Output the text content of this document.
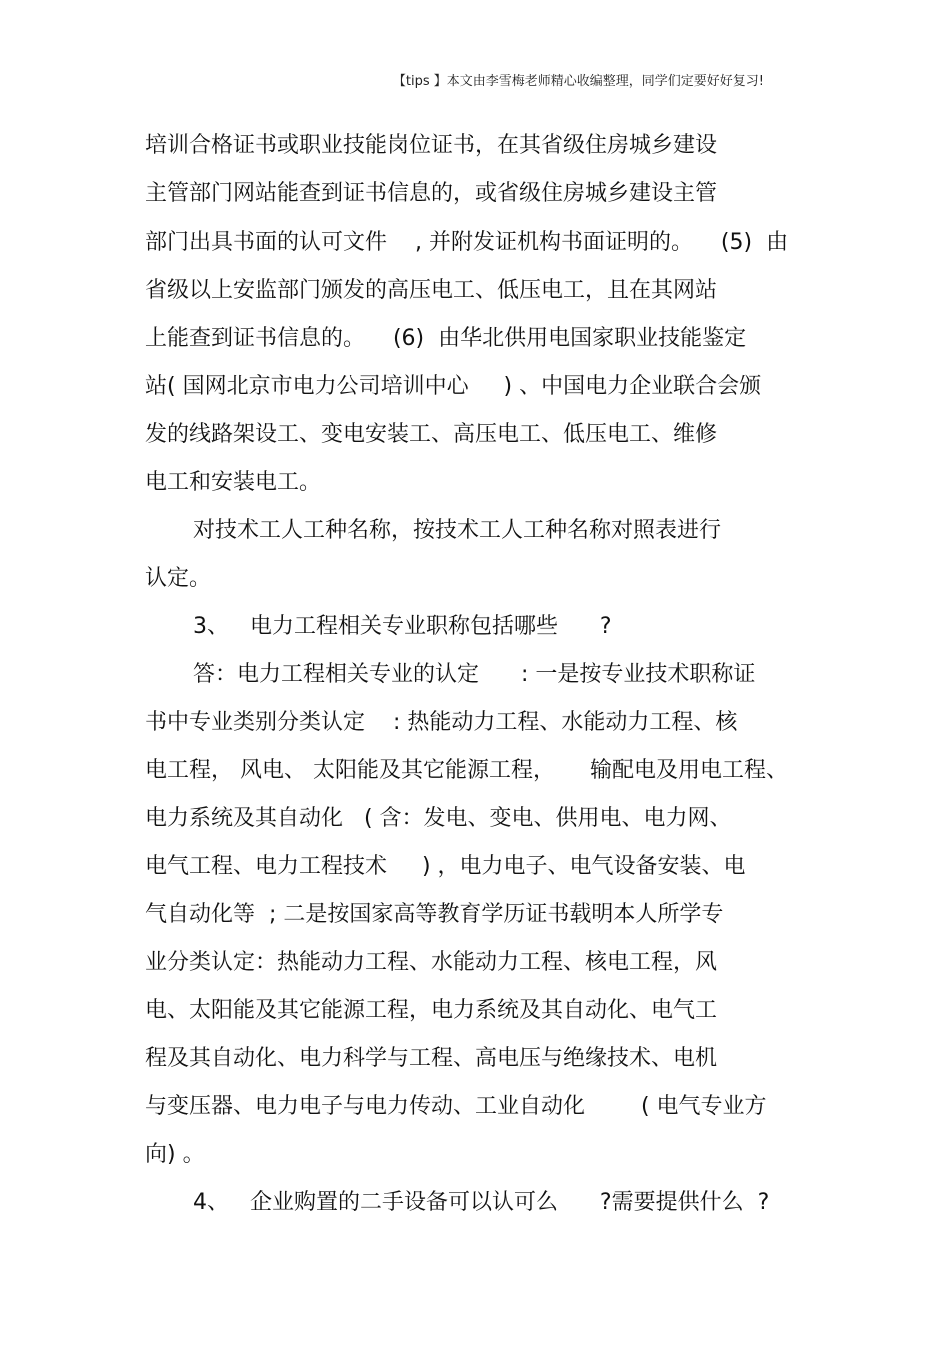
【tips 】本文由李雪梅老师精心收编整理，同学们定要好好复习!
培训合格证书或职业技能岗位证书，在其省级住房城乡建设
主管部门网站能查到证书信息的，或省级住房城乡建设主管
部门出具书面的认可文件    , 并附发证机构书面证明的。    (5)  由
省级以上安监部门颁发的高压电工、低压电工，且在其网站
上能查到证书信息的。    (6)  由华北供用电国家职业技能鉴定
站( 国网北京市电力公司培训中心     ) 、中国电力企业联合会颁
发的线路架设工、变电安装工、高压电工、低压电工、维修
电工和安装电工。
对技术工人工种名称，按技术工人工种名称对照表进行
认定。
3、   电力工程相关专业职称包括哪些      ?
答：电力工程相关专业的认定      : 一是按专业技术职称证
书中专业类别分类认定    : 热能动力工程、水能动力工程、核
电工程， 风电、 太阳能及其它能源工程，     输配电及用电工程、
电力系统及其自动化   ( 含：发电、变电、供用电、电力网、
电气工程、电力工程技术     ) ，电力电子、电气设备安装、电
气自动化等  ; 二是按国家高等教育学历证书载明本人所学专
业分类认定：热能动力工程、水能动力工程、核电工程，风
电、太阳能及其它能源工程，电力系统及其自动化、电气工
程及其自动化、电力科学与工程、高电压与绝缘技术、电机
与变压器、电力电子与电力传动、工业自动化        ( 电气专业方
向) 。
4、   企业购置的二手设备可以认可么      ?需要提供什么  ?
